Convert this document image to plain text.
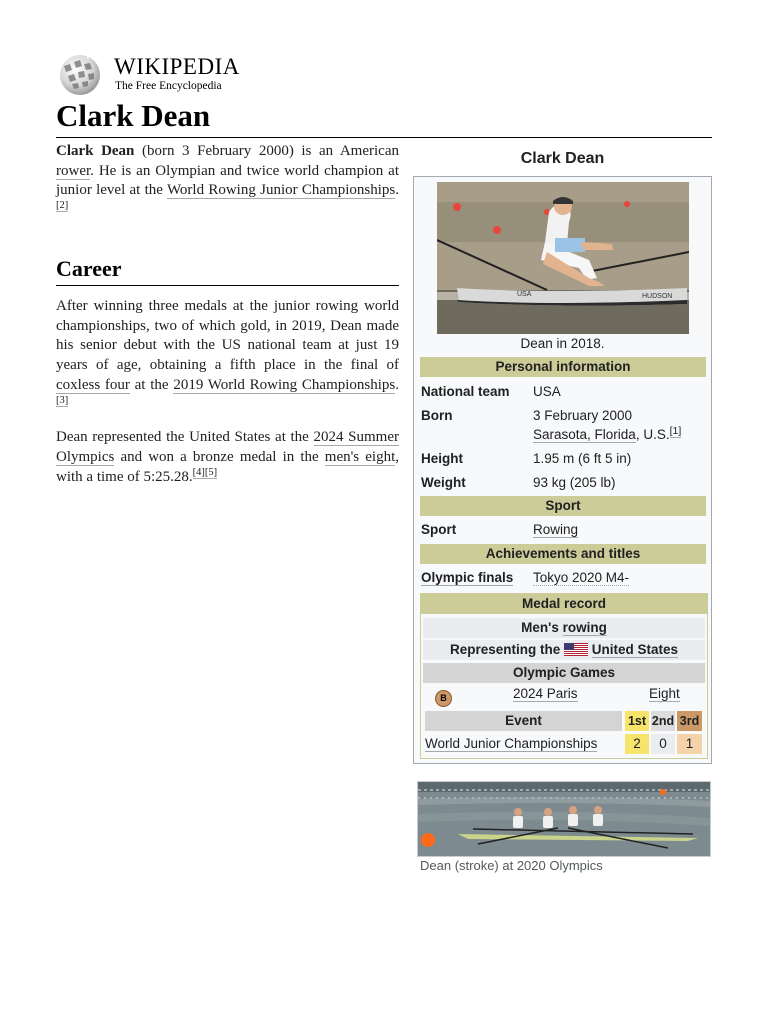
WIKIPEDIA
The Free Encyclopedia
Clark Dean

Clark Dean (born 3 February 2000) is an American rower. He is an Olympian and twice world champion at junior level at the World Rowing Junior Championships.[2]

Career

After winning three medals at the junior rowing world championships, two of which gold, in 2019, Dean made his senior debut with the US national team at just 19 years of age, obtaining a fifth place in the final of coxless four at the 2019 World Rowing Championships.[3]

Dean represented the United States at the 2024 Summer Olympics and won a bronze medal in the men's eight, with a time of 5:25.28.[4][5]

Clark Dean
HUDSON
USA
Dean in 2018.
Personal information
National team USA
Born	3 February 2000
Sarasota, Florida, U.S.[1]
Height	1.95 m (6 ft 5 in)
Weight	93 kg (205 lb)
Sport
Sport	Rowing
Achievements and titles
Olympic finals Tokyo 2020 M4-
Medal record
Men's rowing
Representing the  United States
Olympic Games
B	2024 Paris	Eight
Event	1st 2nd 3rd
World Junior Championships	2	0	1
Dean (stroke) at 2020 Olympics
